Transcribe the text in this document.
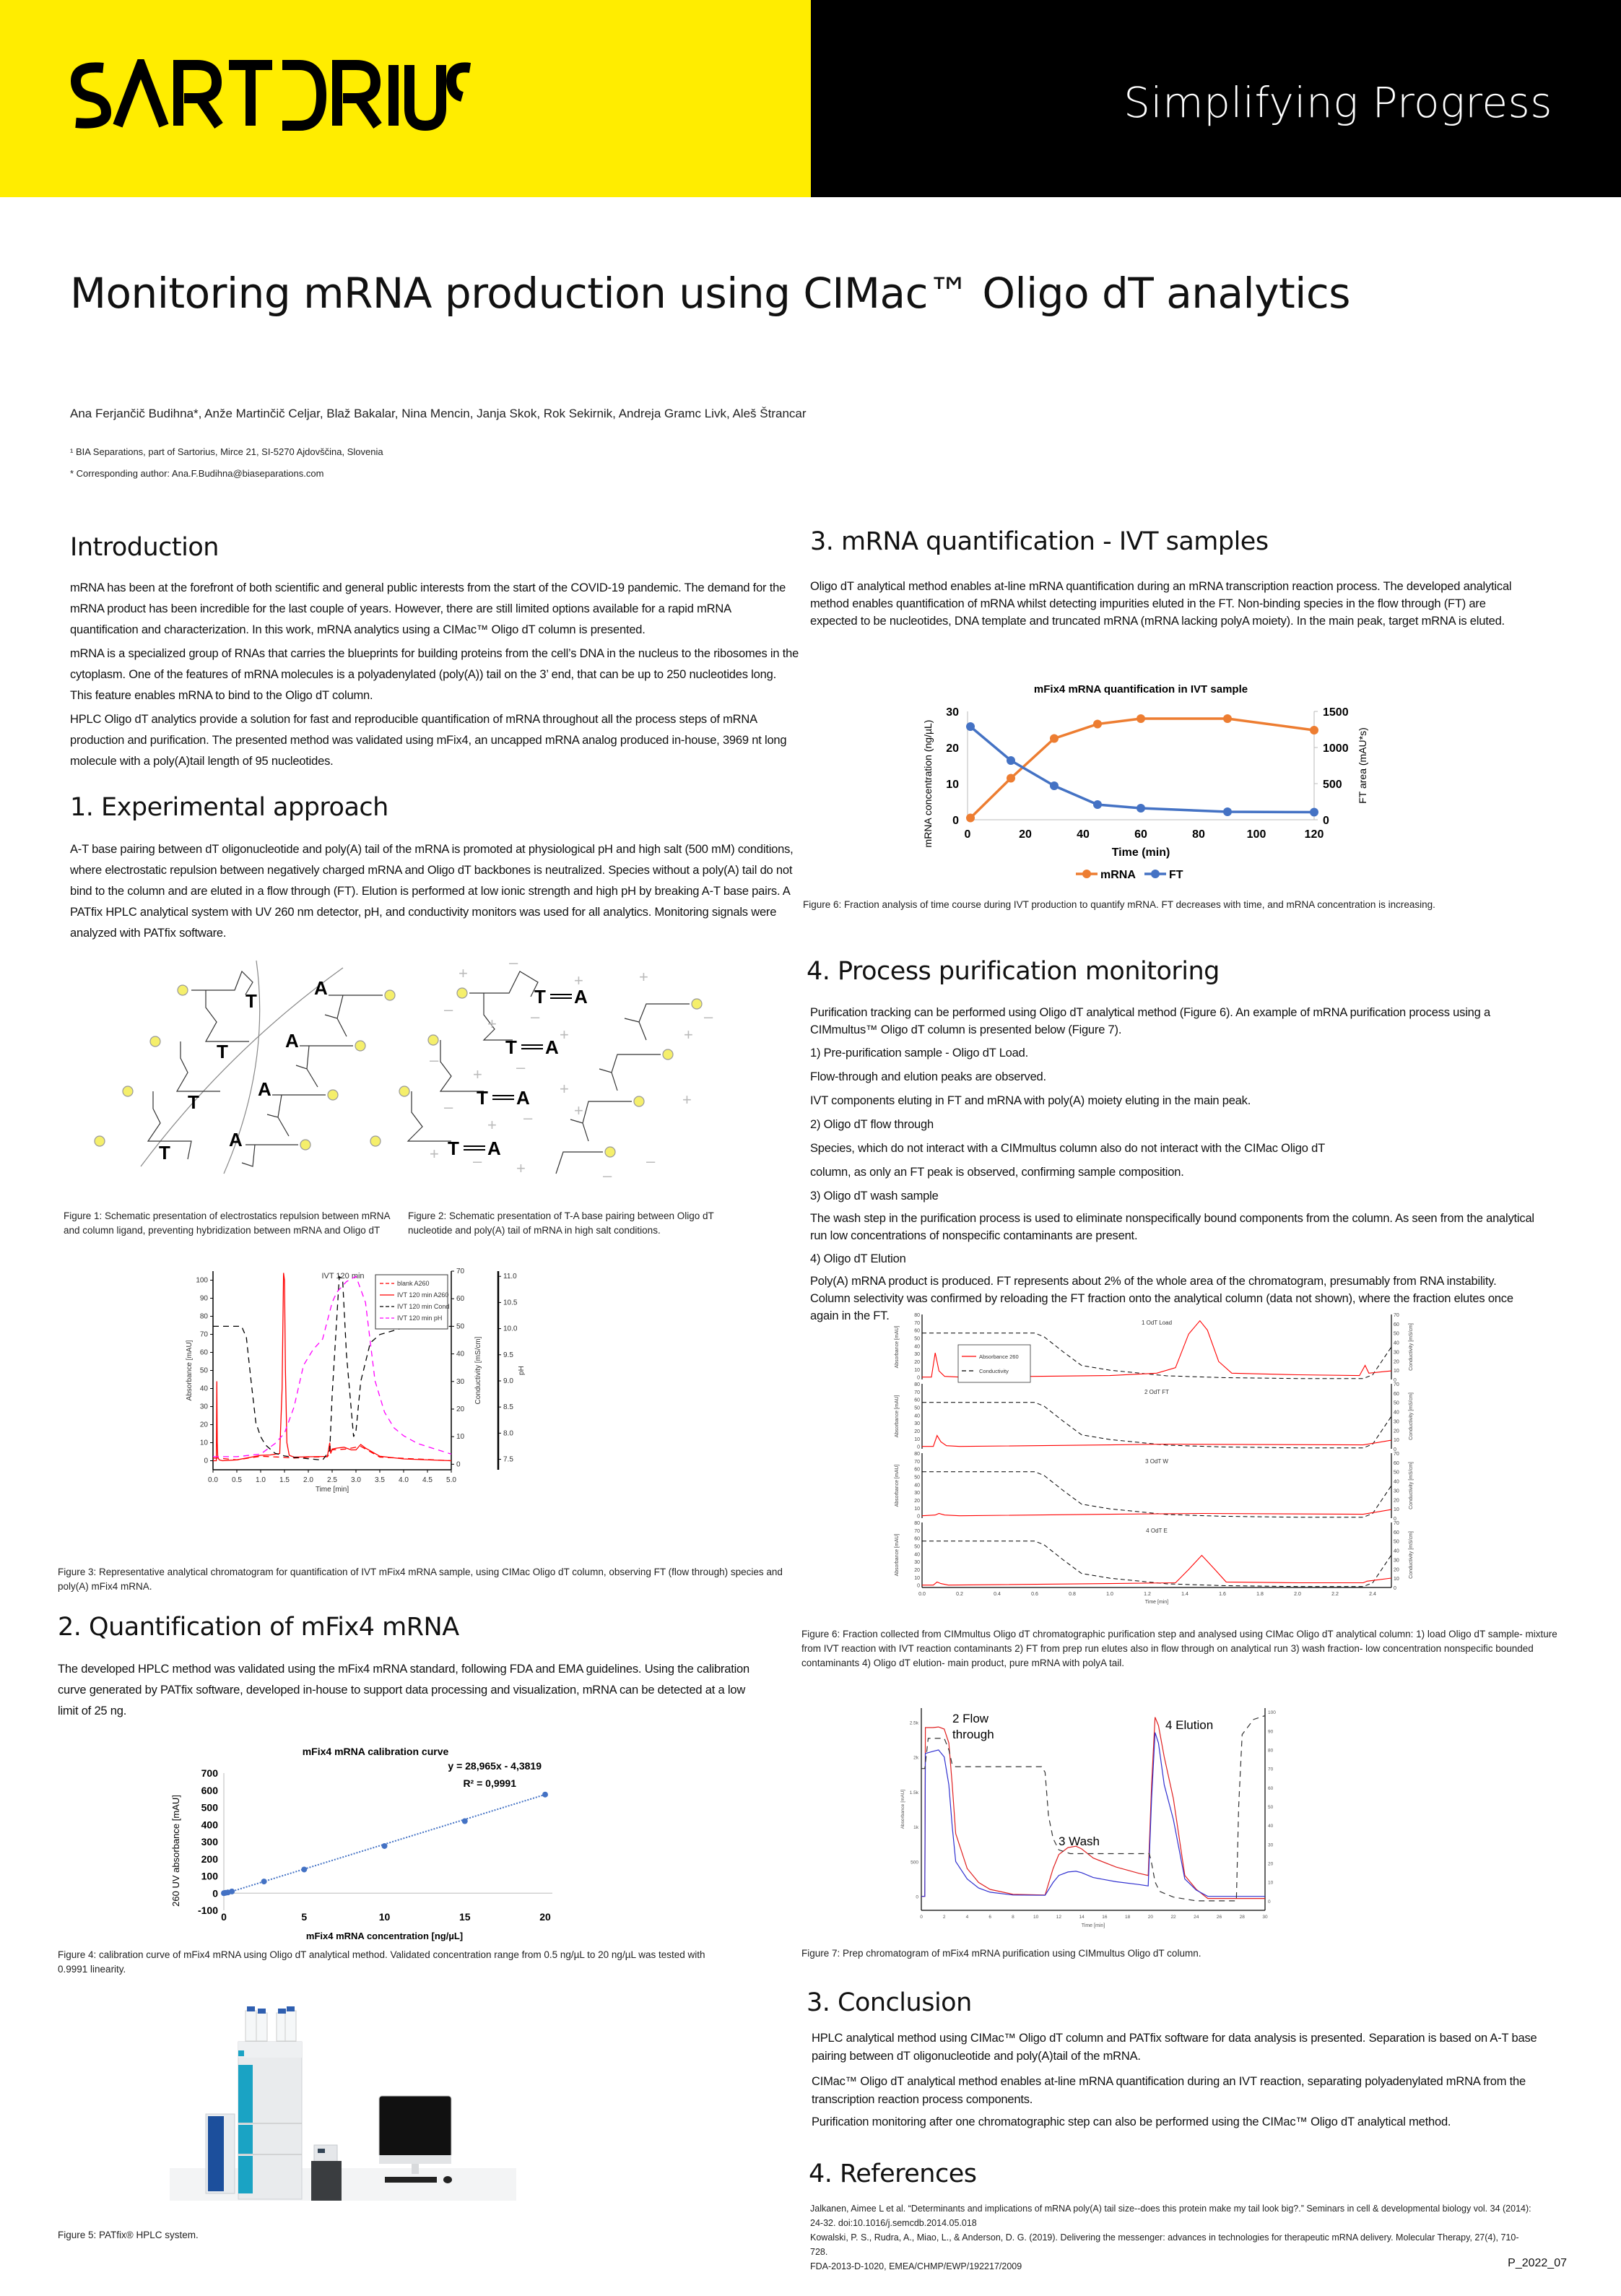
Simplifying Progress
Monitoring mRNA production using CIMac™ Oligo dT analytics
Ana Ferjančič Budihna*, Anže Martinčič Celjar, Blaž Bakalar, Nina Mencin, Janja Skok, Rok Sekirnik, Andreja Gramc Livk, Aleš Štrancar
¹ BIA Separations, part of Sartorius, Mirce 21, SI-5270 Ajdovščina, Slovenia
* Corresponding author: Ana.F.Budihna@biaseparations.com
Introduction

mRNA has been at the forefront of both scientific and general public interests from the start of the COVID-19 pandemic. The demand for the mRNA product has been incredible for the last couple of years. However, there are still limited options available for a rapid mRNA quantification and characterization. In this work, mRNA analytics using a CIMac™ Oligo dT column is presented.

mRNA is a specialized group of RNAs that carries the blueprints for building proteins from the cell’s DNA in the nucleus to the ribosomes in the cytoplasm. One of the features of mRNA molecules is a polyadenylated (poly(A)) tail on the 3’ end, that can be up to 250 nucleotides long. This feature enables mRNA to bind to the Oligo dT column.

HPLC Oligo dT analytics provide a solution for fast and reproducible quantification of mRNA throughout all the process steps of mRNA production and purification. The presented method was validated using mFix4, an uncapped mRNA analog produced in-house, 3969 nt long molecule with a poly(A)tail length of 95 nucleotides.

1. Experimental approach

A-T base pairing between dT oligonucleotide and poly(A) tail of the mRNA is promoted at physiological pH and high salt (500 mM) conditions, where electrostatic repulsion between negatively charged mRNA and Oligo dT backbones is neutralized. Species without a poly(A) tail do not bind to the column and are eluted in a flow through (FT). Elution is performed at low ionic strength and high pH by breaking A-T base pairs. A PATfix HPLC analytical system with UV 260 nm detector, pH, and conductivity monitors was used for all analytics. Monitoring signals were analyzed with PATfix software.

T
T
T
T
A
A
A
A
+
–
+	+
–
+ –
+
–
+ –
+
–
+ –	+
+ – +	–
+
–
+
–
T A
T A
T A
T A
Figure 1: Schematic presentation of electrostatics repulsion between mRNA and column ligand, preventing hybridization between mRNA and Oligo dT
Figure 2: Schematic presentation of T-A base pairing between Oligo dT nucleotide and poly(A) tail of mRNA in high salt conditions.
0.0 0.5 1.0 1.5 2.0 2.5 3.0 3.5 4.0 4.5 5.0
0
10
20
30
40
50
60
70
80
90
100
0
10
20
30
40
50
60
70
7.5
8.0
8.5
9.0
9.5
10.0
10.5
11.0
Time [min]
Absorbance [mAU]	Conductivity [mS/cm]	pH
IVT 120 min
blank A260
IVT 120 min A260
IVT 120 min Cond
IVT 120 min pH
Figure 3: Representative analytical chromatogram for quantification of IVT mFix4 mRNA sample, using CIMac Oligo dT column, observing FT (flow through) species and poly(A) mFix4 mRNA.
2. Quantification of mFix4 mRNA

The developed HPLC method was validated using the mFix4 mRNA standard, following FDA and EMA guidelines. Using the calibration curve generated by PATfix software, developed in-house to support data processing and visualization, mRNA can be detected at a low limit of 25 ng.

mFix4 mRNA calibration curve
-100
0
100
200
300
400
500
600
700
0	5	10	15	20
mFix4 mRNA concentration [ng/µL]
260 UV absorbance [mAU]
y = 28,965x - 4,3819
R² = 0,9991
Figure 4: calibration curve of mFix4 mRNA using Oligo dT analytical method. Validated concentration range from 0.5 ng/µL to 20 ng/µL was tested with 0.9991 linearity.
Figure 5: PATfix® HPLC system.
3. mRNA quantification - IVT samples

Oligo dT analytical method enables at-line mRNA quantification during an mRNA transcription reaction process. The developed analytical method enables quantification of mRNA whilst detecting impurities eluted in the FT. Non-binding species in the flow through (FT) are expected to be nucleotides, DNA template and truncated mRNA (mRNA lacking polyA moiety). In the main peak, target mRNA is eluted.

mFix4 mRNA quantification in IVT sample
0
10
20
30
0
500
1000
1500
0	20	40	60	80	100	120
Time (min)
mRNA concentration (ng/µL)	FT area (mAU*s)
mRNA	FT
Figure 6: Fraction analysis of time course during IVT production to quantify mRNA. FT decreases with time, and mRNA concentration is increasing.
4. Process purification monitoring

Purification tracking can be performed using Oligo dT analytical method (Figure 6). An example of mRNA purification process using a CIMmultus™ Oligo dT column is presented below (Figure 7).

1) Pre-purification sample - Oligo dT Load.

Flow-through and elution peaks are observed.

IVT components eluting in FT and mRNA with poly(A) moiety eluting in the main peak.

2) Oligo dT flow through

Species, which do not interact with a CIMmultus column also do not interact with the CIMac Oligo dT

column, as only an FT peak is observed, confirming sample composition.

3) Oligo dT wash sample

The wash step in the purification process is used to eliminate nonspecifically bound components from the column. As seen from the analytical run low concentrations of nonspecific contaminants are present.

4) Oligo dT Elution

Poly(A) mRNA product is produced. FT represents about 2% of the whole area of the chromatogram, presumably from RNA instability. Column selectivity was confirmed by reloading the FT fraction onto the analytical column (data not shown), where the fraction elutes once again in the FT.

0
10
20
30
40
50
60
70
80
0
10
20
30
40
50
60
70
Absorbance [mAU]	Conductivity [mS/cm]
1 OdT Load
0
10
20
30
40
50
60
70
80
0
10
20
30
40
50
60
70
Absorbance [mAU]	Conductivity [mS/cm]
2 OdT FT
0
10
20
30
40
50
60
70
80
0
10
20
30
40
50
60
70
Absorbance [mAU]	Conductivity [mS/cm]
3 OdT W
0
10
20
30
40
50
60
70
80
0
10
20
30
40
50
60
70
Absorbance [mAU]	Conductivity [mS/cm]
4 OdT E
0.0	0.2	0.4	0.6	0.8	1.0	1.2	1.4	1.6	1.8	2.0	2.2	2.4
Time [min]
Absorbance 260
Conductivity
Figure 6: Fraction collected from CIMmultus Oligo dT chromatographic purification step and analysed using CIMac Oligo dT analytical column: 1) load Oligo dT sample- mixture from IVT reaction with IVT reaction contaminants 2) FT from prep run elutes also in flow through on analytical run 3) wash fraction- low concentration nonspecific bounded contaminants 4) Oligo dT elution- main product, pure mRNA with polyA tail.
0
500
1k
1.5k
2k
2.5k
0
10
20
30
40
50
60
70
80
90
100
0	2	4	6	8	10	12	14	16	18	20	22	24	26	28	30
Time [min]
Absorbance [mAU]
2 Flow
through
3 Wash
4 Elution
Figure 7: Prep chromatogram of mFix4 mRNA purification using CIMmultus Oligo dT column.
3. Conclusion

HPLC analytical method using CIMac™ Oligo dT column and PATfix software for data analysis is presented. Separation is based on A-T base pairing between dT oligonucleotide and poly(A)tail of the mRNA.

CIMac™ Oligo dT analytical method enables at-line mRNA quantification during an IVT reaction, separating polyadenylated mRNA from the transcription reaction process components.

Purification monitoring after one chromatographic step can also be performed using the CIMac™ Oligo dT analytical method.

4. References
Jalkanen, Aimee L et al. “Determinants and implications of mRNA poly(A) tail size--does this protein make my tail look big?.” Seminars in cell & developmental biology vol. 34 (2014): 24-32. doi:10.1016/j.semcdb.2014.05.018
Kowalski, P. S., Rudra, A., Miao, L., & Anderson, D. G. (2019). Delivering the messenger: advances in technologies for therapeutic mRNA delivery. Molecular Therapy, 27(4), 710-728.
FDA-2013-D-1020, EMEA/CHMP/EWP/192217/2009	P_2022_07
